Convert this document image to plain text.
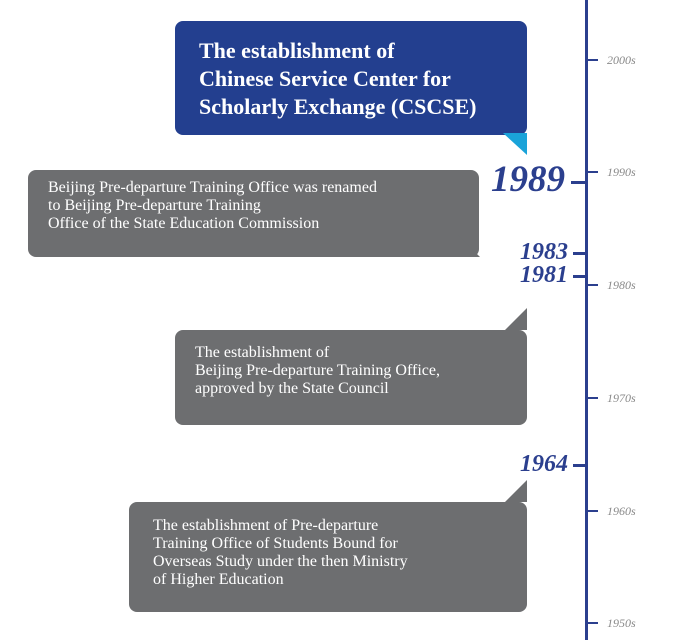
2000s
1990s
1980s
1970s
1960s
1950s
1989
1983
1981
1964
The establishment of
Chinese Service Center for
Scholarly Exchange (CSCSE)
Beijing Pre-departure Training Office was renamed
to Beijing Pre-departure Training
Office of the State Education Commission
The establishment of
Beijing Pre-departure Training Office,
approved by the State Council
The establishment of Pre-departure
Training Office of Students Bound for
Overseas Study under the then Ministry
of Higher Education
